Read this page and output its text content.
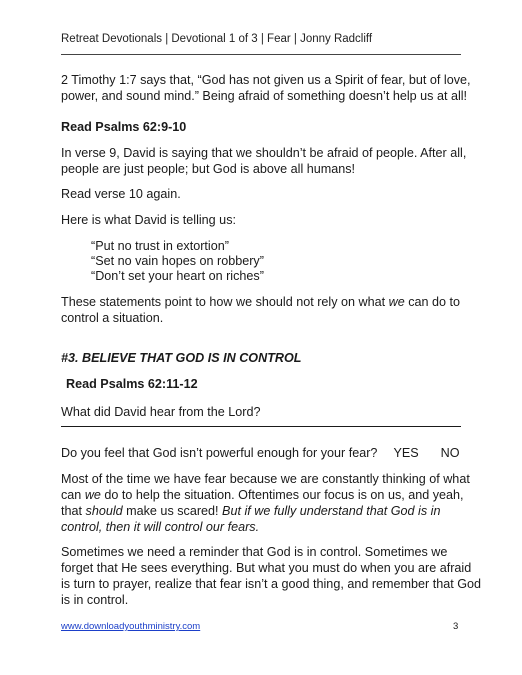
Retreat Devotionals | Devotional 1 of 3 | Fear | Jonny Radcliff
2 Timothy 1:7 says that, “God has not given us a Spirit of fear, but of love,
power, and sound mind.” Being afraid of something doesn’t help us at all!
Read Psalms 62:9-10
In verse 9, David is saying that we shouldn’t be afraid of people. After all,
people are just people; but God is above all humans!
Read verse 10 again.
Here is what David is telling us:
“Put no trust in extortion”
“Set no vain hopes on robbery”
“Don’t set your heart on riches”
These statements point to how we should not rely on what we can do to
control a situation.
#3. BELIEVE THAT GOD IS IN CONTROL
Read Psalms 62:11-12
What did David hear from the Lord?
Do you feel that God isn’t powerful enough for your fear? YES NO
Most of the time we have fear because we are constantly thinking of what
can we do to help the situation. Oftentimes our focus is on us, and yeah,
that should make us scared! But if we fully understand that God is in
control, then it will control our fears.
Sometimes we need a reminder that God is in control. Sometimes we
forget that He sees everything. But what you must do when you are afraid
is turn to prayer, realize that fear isn’t a good thing, and remember that God
is in control.
www.downloadyouthministry.com	3
